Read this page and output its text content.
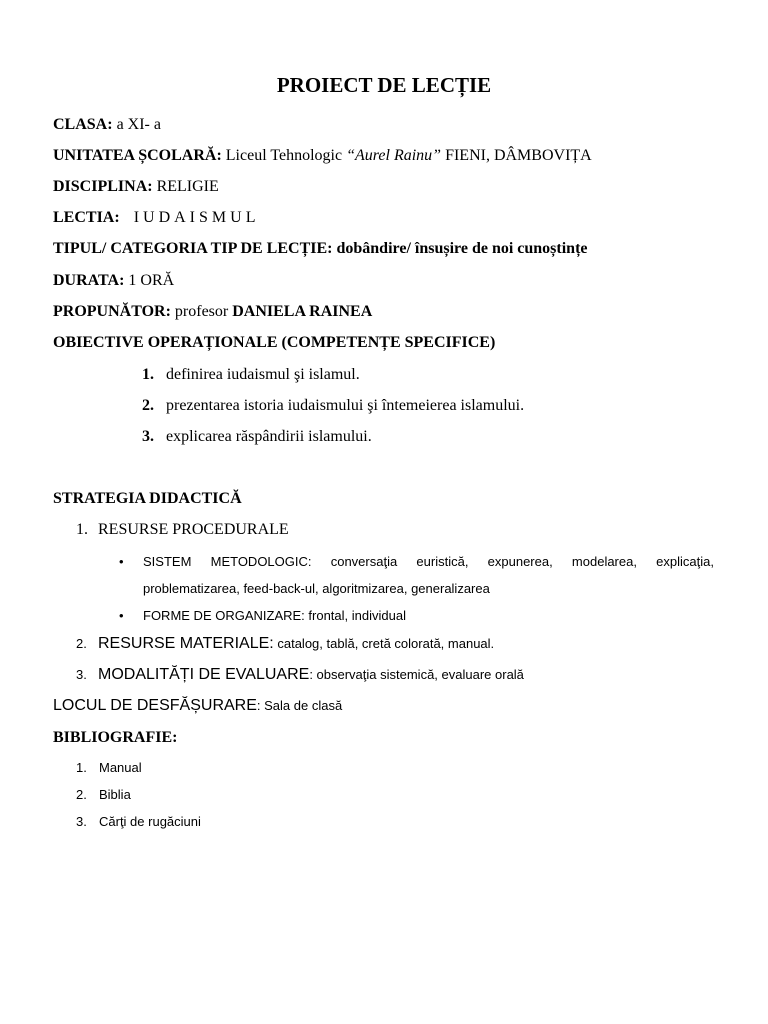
PROIECT DE LECȚIE
CLASA: a XI- a
UNITATEA ȘCOLARĂ: Liceul Tehnologic “Aurel Rainu” FIENI, DÂMBOVIȚA
DISCIPLINA: RELIGIE
LECTIA: IUDAISMUL
TIPUL/ CATEGORIA TIP DE LECȚIE: dobândire/ însușire de noi cunoștințe
DURATA: 1 ORĂ
PROPUNĂTOR: profesor DANIELA RAINEA
OBIECTIVE OPERAȚIONALE (COMPETENȚE SPECIFICE)
1. definirea iudaismul şi islamul.
2. prezentarea istoria iudaismului şi întemeierea islamului.
3. explicarea răspândirii islamului.
STRATEGIA DIDACTICĂ
1. RESURSE PROCEDURALE
• SISTEM METODOLOGIC: conversaţia euristică, expunerea, modelarea, explicaţia, problematizarea, feed-back-ul, algoritmizarea, generalizarea
• FORME DE ORGANIZARE: frontal, individual
2. RESURSE MATERIALE: catalog, tablă, cretă colorată, manual.
3. MODALITĂȚI DE EVALUARE: observaţia sistemică, evaluare orală
LOCUL DE DESFĂȘURARE: Sala de clasă
BIBLIOGRAFIE:
1. Manual
2. Biblia
3. Cărţi de rugăciuni
